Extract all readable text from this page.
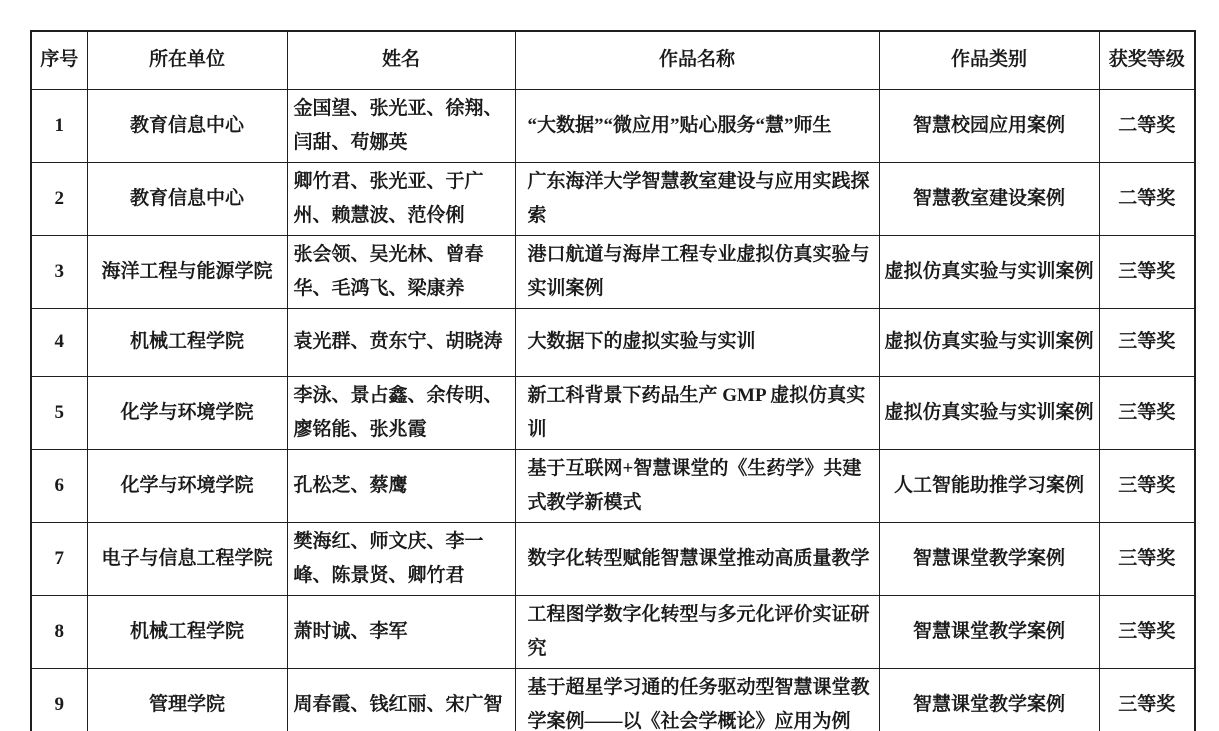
序号	所在单位	姓名	作品名称	作品类别	获奖等级
1	教育信息中心	金国望、张光亚、徐翔、闫甜、苟娜英	“大数据”“微应用”贴心服务“慧”师生	智慧校园应用案例	二等奖
2	教育信息中心	卿竹君、张光亚、于广州、赖慧波、范伶俐	广东海洋大学智慧教室建设与应用实践探索	智慧教室建设案例	二等奖
3	海洋工程与能源学院	张会领、吴光林、曾春华、毛鸿飞、梁康养	港口航道与海岸工程专业虚拟仿真实验与实训案例	虚拟仿真实验与实训案例	三等奖
4	机械工程学院	袁光群、贲东宁、胡晓涛	大数据下的虚拟实验与实训	虚拟仿真实验与实训案例	三等奖
5	化学与环境学院	李泳、景占鑫、余传明、廖铭能、张兆霞	新工科背景下药品生产 GMP 虚拟仿真实训	虚拟仿真实验与实训案例	三等奖
6	化学与环境学院	孔松芝、蔡鹰	基于互联网+智慧课堂的《生药学》共建式教学新模式	人工智能助推学习案例	三等奖
7	电子与信息工程学院	樊海红、师文庆、李一峰、陈景贤、卿竹君	数字化转型赋能智慧课堂推动高质量教学	智慧课堂教学案例	三等奖
8	机械工程学院	萧时诚、李军	工程图学数字化转型与多元化评价实证研究	智慧课堂教学案例	三等奖
9	管理学院	周春霞、钱红丽、宋广智	基于超星学习通的任务驱动型智慧课堂教学案例——以《社会学概论》应用为例	智慧课堂教学案例	三等奖
